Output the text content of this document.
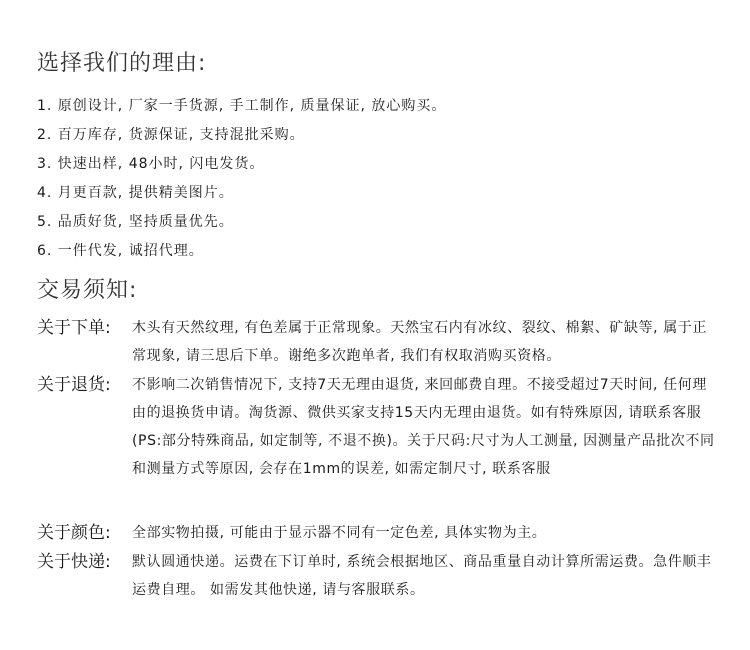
选择我们的理由:
1. 原创设计, 厂家一手货源, 手工制作, 质量保证, 放心购买。
2. 百万库存, 货源保证, 支持混批采购。
3. 快速出样, 48小时, 闪电发货。
4. 月更百款, 提供精美图片。
5. 品质好货, 坚持质量优先。
6. 一件代发, 诚招代理。
交易须知:
关于下单:	木头有天然纹理, 有色差属于正常现象。天然宝石内有冰纹、裂纹、棉絮、矿缺等, 属于正常现象, 请三思后下单。谢绝多次跑单者, 我们有权取消购买资格。
关于退货:	不影响二次销售情况下, 支持7天无理由退货, 来回邮费自理。不接受超过7天时间, 任何理由的退换货申请。淘货源、微供买家支持15天内无理由退货。如有特殊原因, 请联系客服(PS:部分特殊商品, 如定制等, 不退不换)。关于尺码:尺寸为人工测量, 因测量产品批次不同和测量方式等原因, 会存在1mm的误差, 如需定制尺寸, 联系客服
关于颜色:	全部实物拍摄, 可能由于显示器不同有一定色差, 具体实物为主。
关于快递:	默认圆通快递。运费在下订单时, 系统会根据地区、商品重量自动计算所需运费。急件顺丰运费自理。 如需发其他快递, 请与客服联系。
